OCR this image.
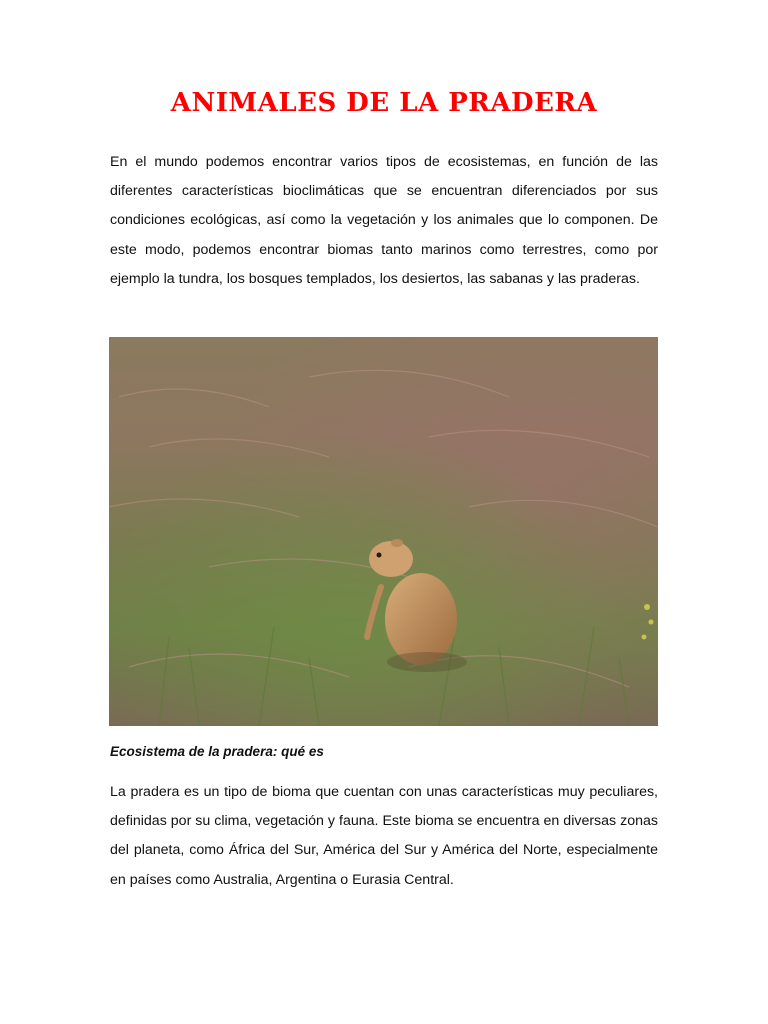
ANIMALES DE LA PRADERA
En el mundo podemos encontrar varios tipos de ecosistemas, en función de las diferentes características bioclimáticas que se encuentran diferenciados por sus condiciones ecológicas, así como la vegetación y los animales que lo componen. De este modo, podemos encontrar biomas tanto marinos como terrestres, como por ejemplo la tundra, los bosques templados, los desiertos, las sabanas y las praderas.
Ecosistema de la pradera: qué es
La pradera es un tipo de bioma que cuentan con unas características muy peculiares, definidas por su clima, vegetación y fauna. Este bioma se encuentra en diversas zonas del planeta, como África del Sur, América del Sur y América del Norte, especialmente en países como Australia, Argentina o Eurasia Central.
